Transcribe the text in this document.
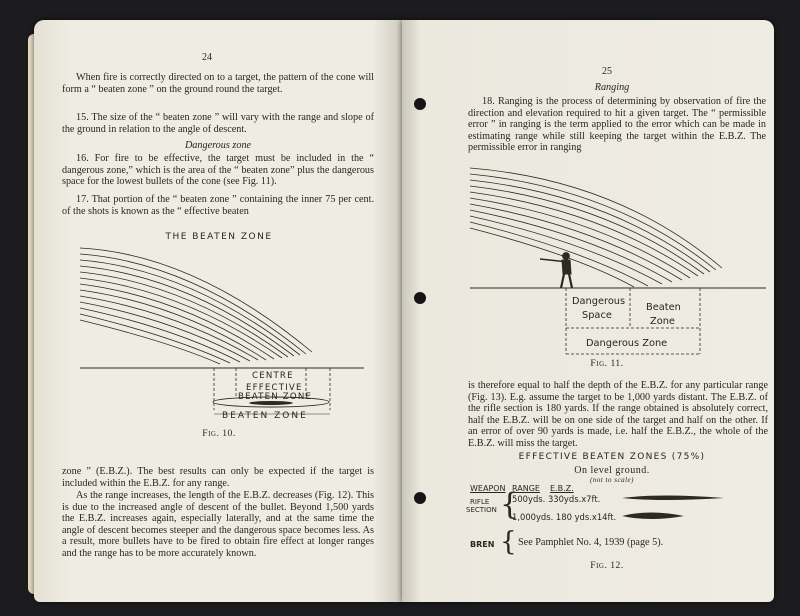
24
When fire is correctly directed on to a target, the pattern of the cone will form a “ beaten zone ” on the ground round the target.
15. The size of the “ beaten zone ” will vary with the range and slope of the ground in relation to the angle of descent.
Dangerous zone
16. For fire to be effective, the target must be included in the “ dangerous zone,” which is the area of the “ beaten zone” plus the dangerous space for the lowest bullets of the cone (see Fig. 11).
17. That portion of the “ beaten zone ” containing the inner 75 per cent. of the shots is known as the “ effective beaten
THE BEATEN ZONE
CENTRE
EFFECTIVE
BEATEN ZONE
BEATEN ZONE
Fig. 10.
zone ” (E.B.Z.). The best results can only be expected if the target is included within the E.B.Z. for any range.
As the range increases, the length of the E.B.Z. decreases (Fig. 12). This is due to the increased angle of descent of the bullet. Beyond 1,500 yards the E.B.Z. increases again, especially laterally, and at the same time the angle of descent becomes steeper and the dangerous space becomes less. As a result, more bullets have to be fired to obtain fire effect at longer ranges and the range has to be more accurately known.
25
Ranging
18. Ranging is the process of determining by observation of fire the direction and elevation required to hit a given target. The “ permissible error ” in ranging is the term applied to the error which can be made in estimating range while still keeping the target within the E.B.Z. The permissible error in ranging
Dangerous
Space
Beaten
Zone
Dangerous Zone
Fig. 11.
is therefore equal to half the depth of the E.B.Z. for any particular range (Fig. 13). E.g. assume the target to be 1,000 yards distant. The E.B.Z. of the rifle section is 180 yards. If the range obtained is absolutely correct, half the E.B.Z. will be on one side of the target and half on the other. If an error of over 90 yards is made, i.e. half the E.B.Z., the whole of the E.B.Z. will miss the target.
EFFECTIVE BEATEN ZONES (75%)
On level ground.
(not to scale)
WEAPON RANGE E.B.Z.
RIFLE
SECTION {
500yds. 330yds.x7ft.
1,000yds. 180 yds.x14ft.
BREN { See Pamphlet No. 4, 1939 (page 5).
Fig. 12.
